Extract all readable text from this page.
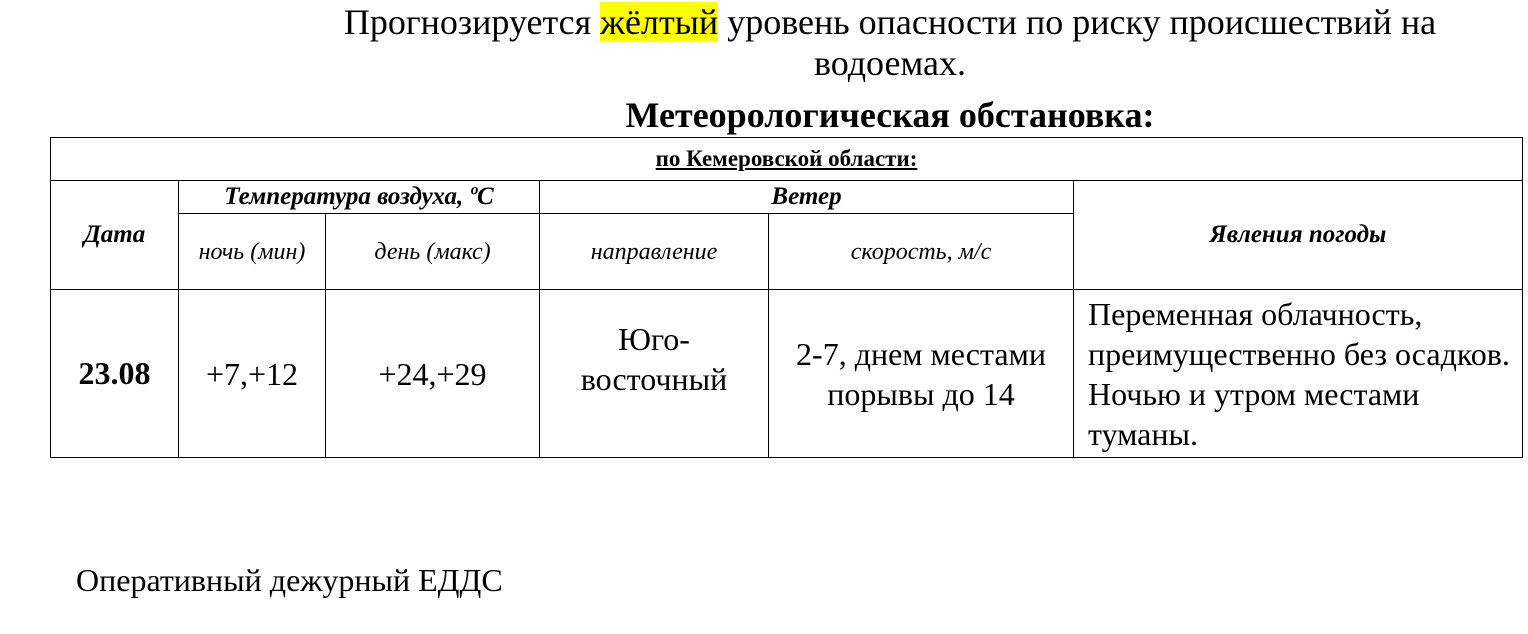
Прогнозируется жёлтый уровень опасности по риску происшествий на водоемах.
Метеорологическая обстановка:
по Кемеровской области:					
Дата	Температура воздуха, ºС		Ветер		Явления погоды
	ночь (мин)	день (макс)	направление	скорость, м/с	
23.08	+7,+12	+24,+29	Юго-восточный	2-7, днем местами порывы до 14	Переменная облачность, преимущественно без осадков. Ночью и утром местами туманы.
Оперативный дежурный ЕДДС
